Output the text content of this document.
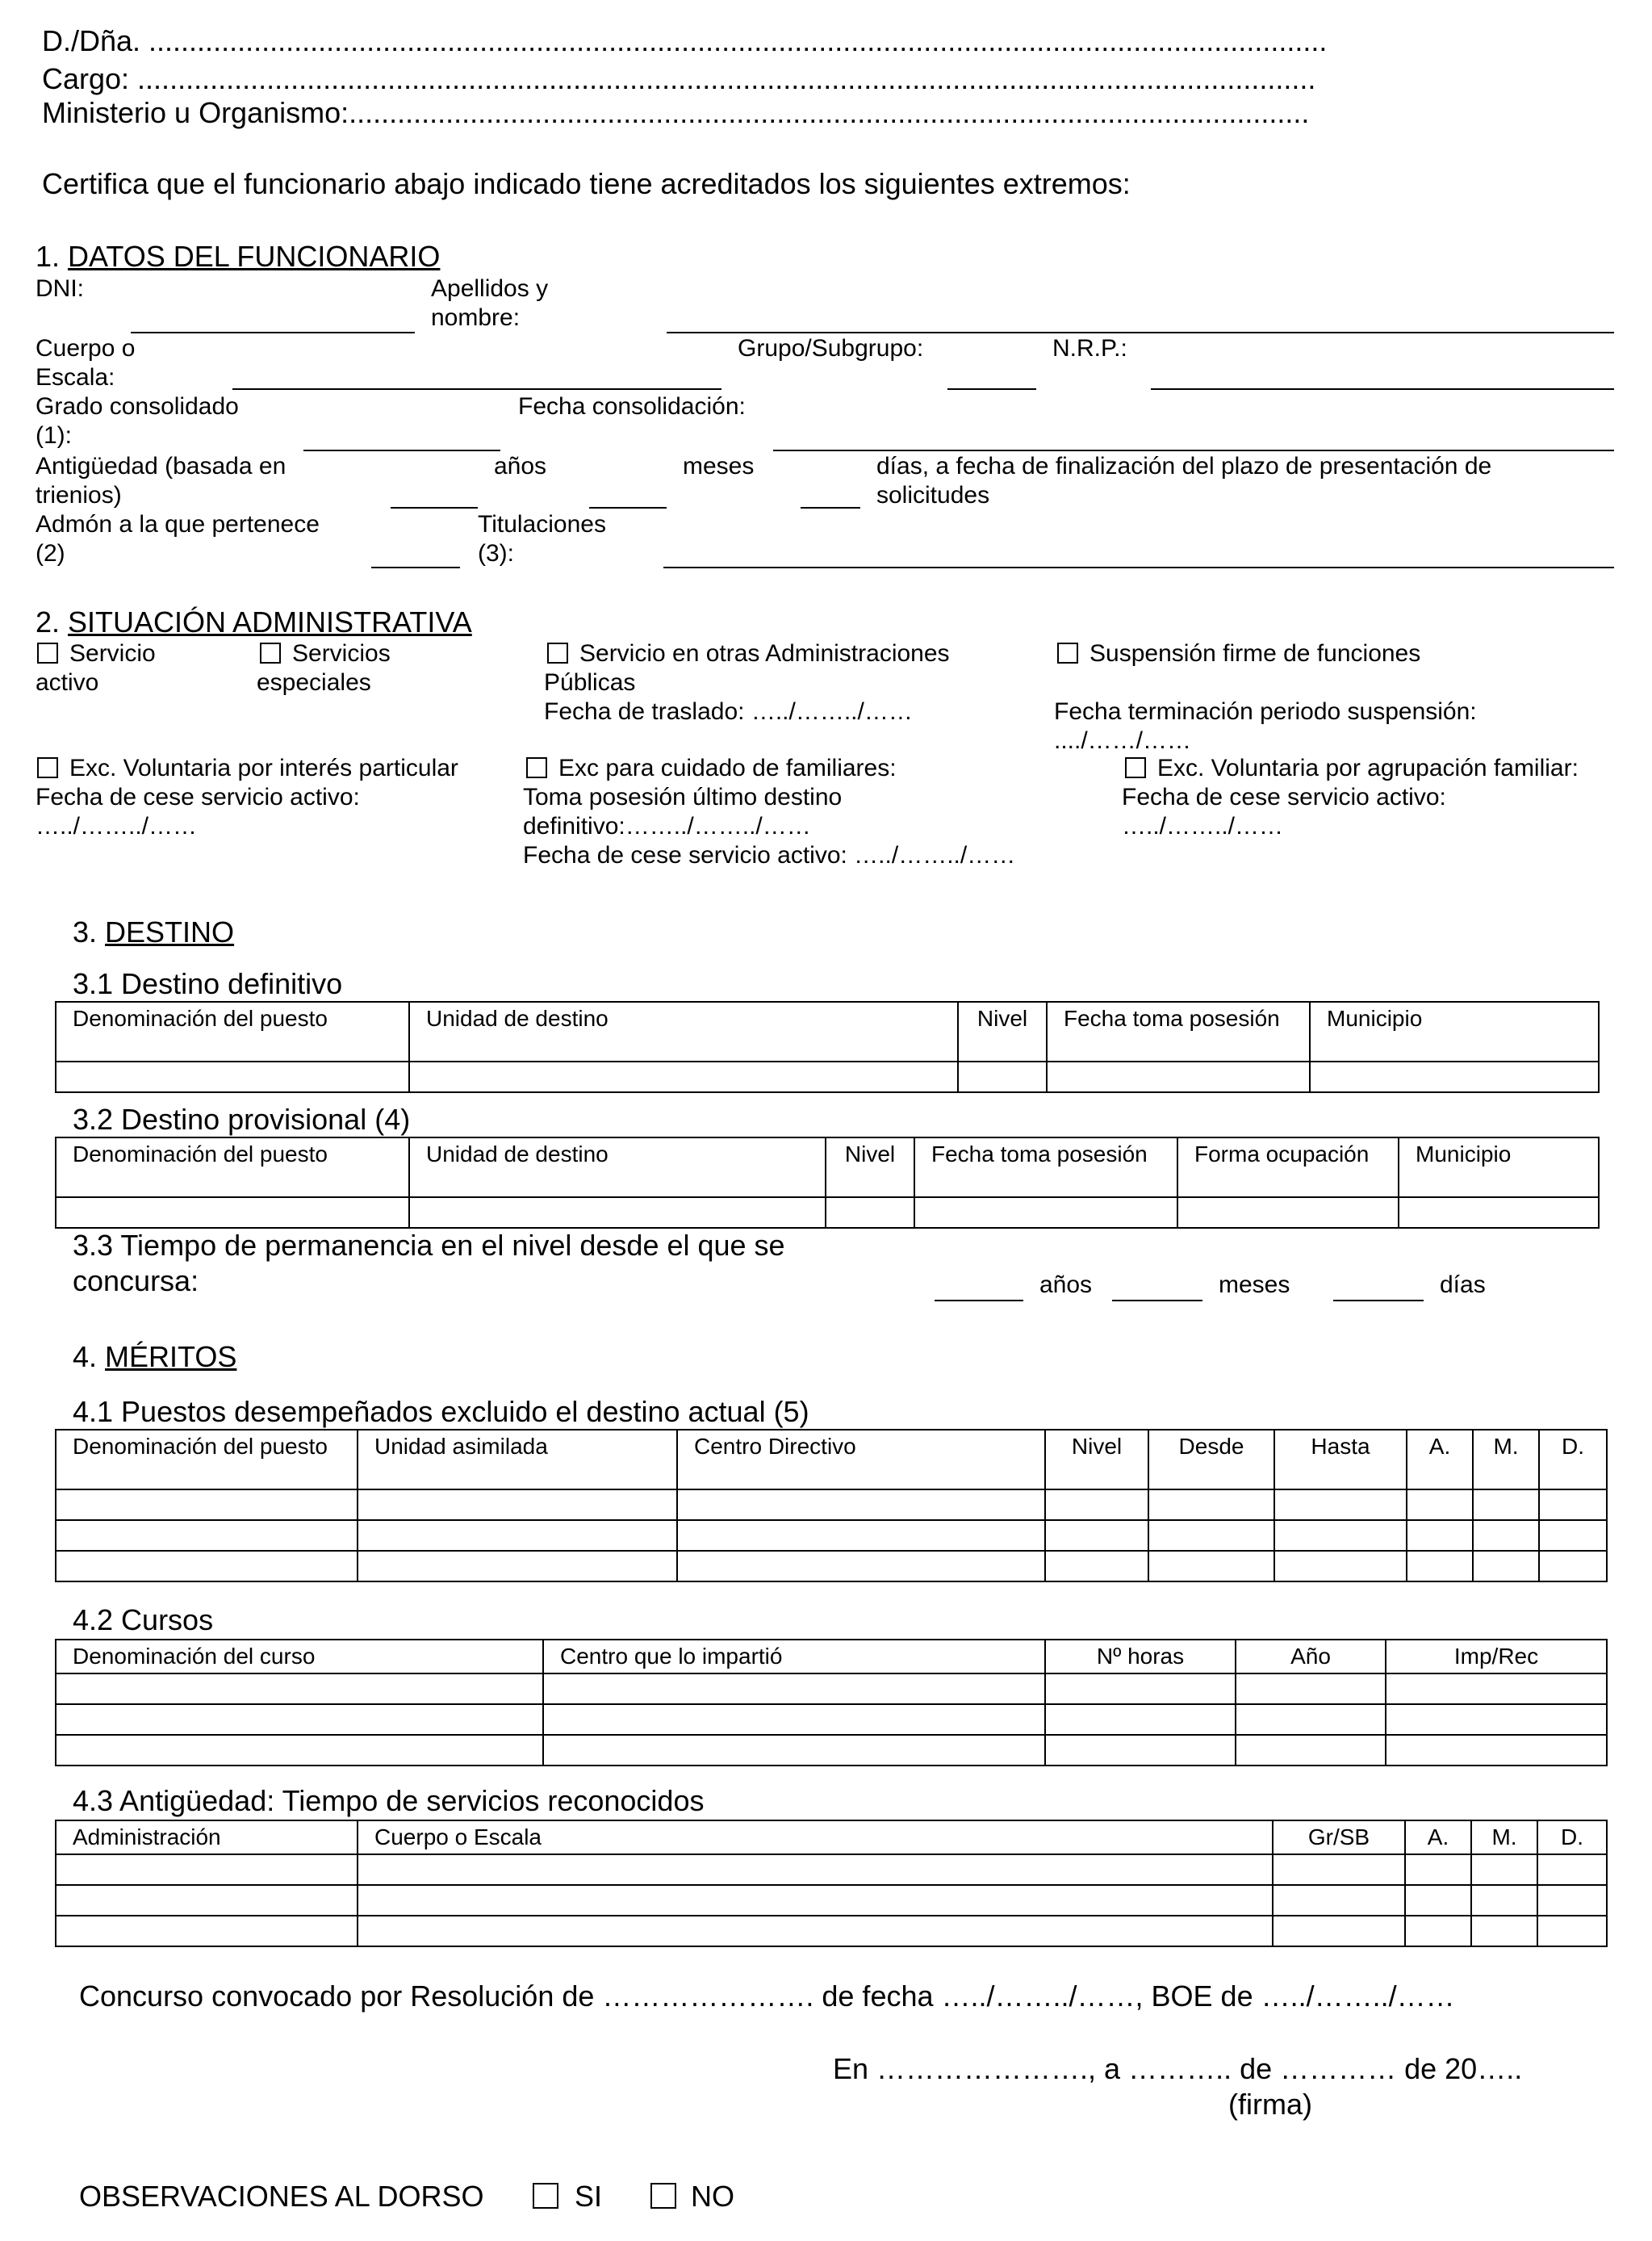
D./Dña. ..................................................................................................................................................
Cargo: ..................................................................................................................................................
Ministerio u Organismo:.......................................................................................................................
Certifica que el funcionario abajo indicado tiene acreditados los siguientes extremos:
1. DATOS DEL FUNCIONARIO
DNI:	Apellidos y
nombre:
Cuerpo o
Escala:
Grupo/Subgrupo:	N.R.P.:
Grado consolidado
(1):
Fecha consolidación:
Antigüedad (basada en
trienios)
años	meses	días, a fecha de finalización del plazo de presentación de
solicitudes
Admón a la que pertenece
(2)
Titulaciones
(3):
2. SITUACIÓN ADMINISTRATIVA
Servicio
activo
Servicios
especiales
Servicio en otras Administraciones
Públicas
Fecha de traslado: …../……../……
Suspensión firme de funciones
Fecha terminación periodo suspensión:
..../……/……
Exc. Voluntaria por interés particular
Fecha de cese servicio activo:
…../……../……
Exc para cuidado de familiares:
Toma posesión último destino
definitivo:……../……../……
Fecha de cese servicio activo: …../……../……
Exc. Voluntaria por agrupación familiar:
Fecha de cese servicio activo:
…../……../……
3. DESTINO
3.1 Destino definitivo
Denominación del puesto	Unidad de destino	Nivel	Fecha toma posesión	Municipio

3.2 Destino provisional (4)
Denominación del puesto	Unidad de destino	Nivel	Fecha toma posesión	Forma ocupación	Municipio

3.3 Tiempo de permanencia en el nivel desde el que se
concursa:	años	meses	días
4. MÉRITOS
4.1 Puestos desempeñados excluido el destino actual (5)
Denominación del puesto	Unidad asimilada	Centro Directivo	Nivel	Desde	Hasta	A.	M.	D.

4.2 Cursos
Denominación del curso	Centro que lo impartió	Nº horas	Año	Imp/Rec

4.3 Antigüedad: Tiempo de servicios reconocidos
Administración	Cuerpo o Escala	Gr/SB	A.	M.	D.

Concurso convocado por Resolución de …………………. de fecha …../……../……, BOE de …../……../……
En …………………., a ……….. de ………… de 20…..
(firma)
OBSERVACIONES AL DORSO	SI	NO
